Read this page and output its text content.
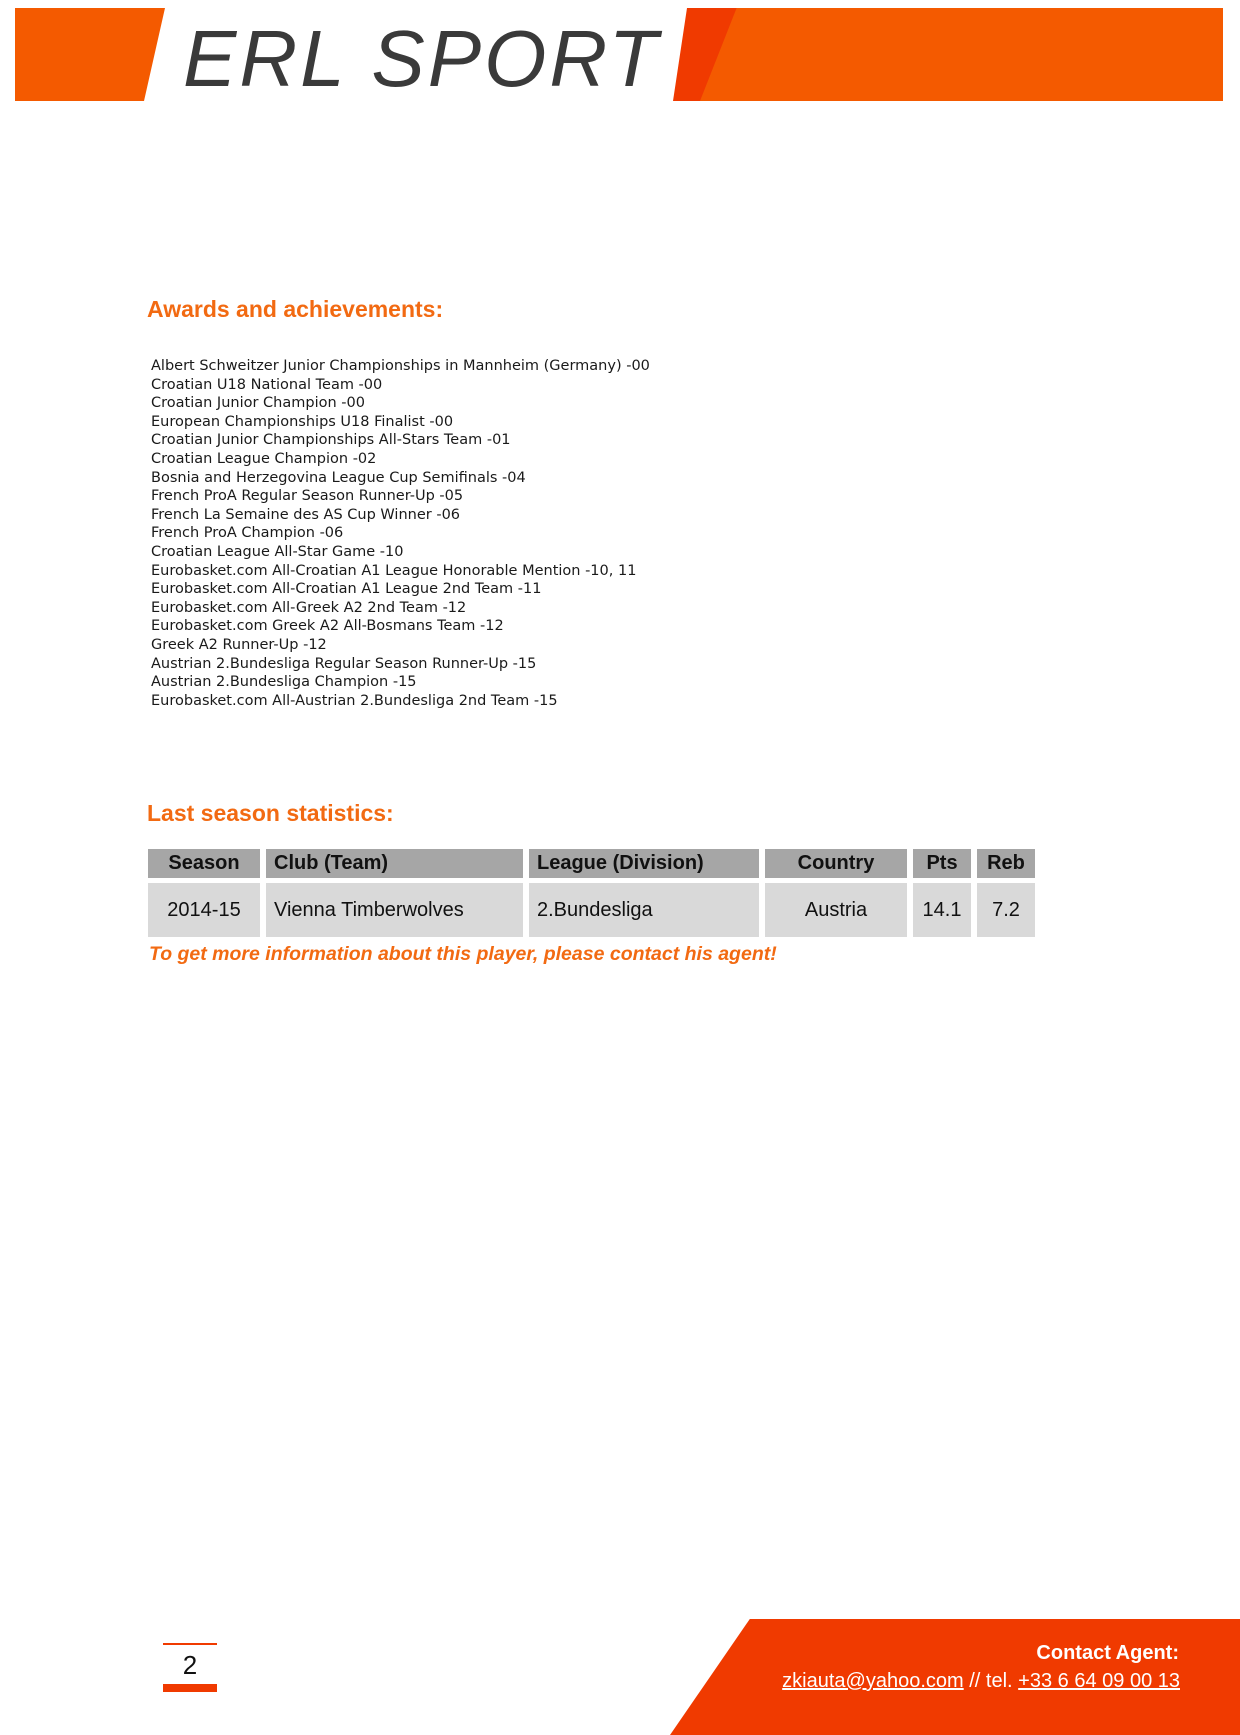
ERL SPORT
Awards and achievements:
Albert Schweitzer Junior Championships in Mannheim (Germany) -00
Croatian U18 National Team -00
Croatian Junior Champion -00
European Championships U18 Finalist -00
Croatian Junior Championships All-Stars Team -01
Croatian League Champion -02
Bosnia and Herzegovina League Cup Semifinals -04
French ProA Regular Season Runner-Up -05
French La Semaine des AS Cup Winner -06
French ProA Champion -06
Croatian League All-Star Game -10
Eurobasket.com All-Croatian A1 League Honorable Mention -10, 11
Eurobasket.com All-Croatian A1 League 2nd Team -11
Eurobasket.com All-Greek A2 2nd Team -12
Eurobasket.com Greek A2 All-Bosmans Team -12
Greek A2 Runner-Up -12
Austrian 2.Bundesliga Regular Season Runner-Up -15
Austrian 2.Bundesliga Champion -15
Eurobasket.com All-Austrian 2.Bundesliga 2nd Team -15
Last season statistics:
Season	Club (Team)	League (Division)	Country	Pts	Reb
2014-15	Vienna Timberwolves	2.Bundesliga	Austria	14.1	7.2
To get more information about this player, please contact his agent!
2	Contact Agent:
zkiauta@yahoo.com // tel. +33 6 64 09 00 13
